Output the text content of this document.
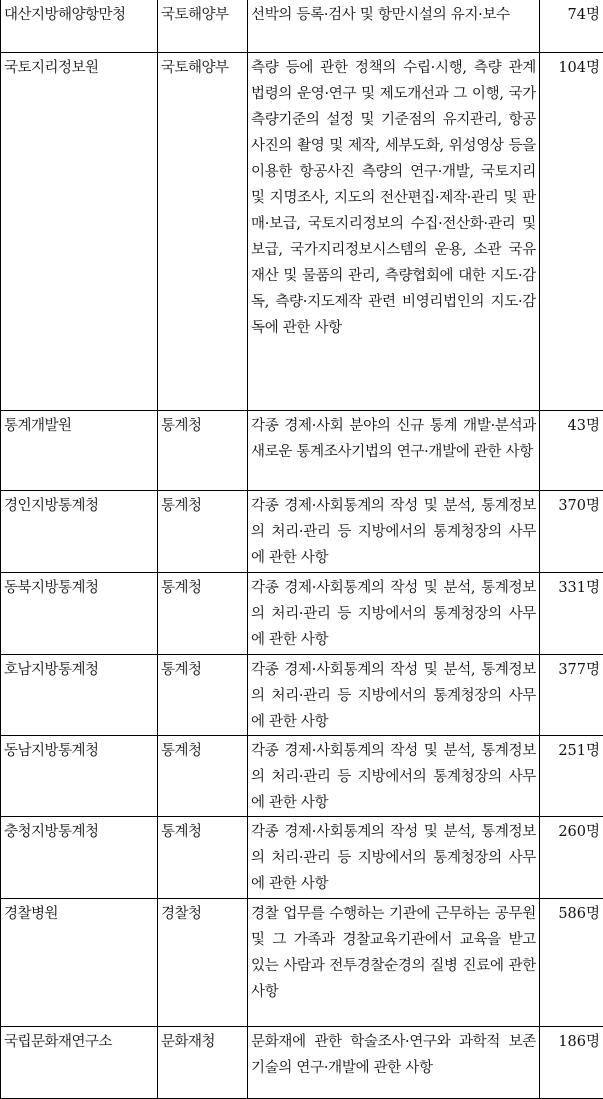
대산지방해양항만청	국토해양부	선박의 등록·검사 및 항만시설의 유지·보수	74명
국토지리정보원	국토해양부	측량 등에 관한 정책의 수립·시행, 측량 관계 법령의 운영·연구 및 제도개선과 그 이행, 국가 측량기준의 설정 및 기준점의 유지관리, 항공사진의 촬영 및 제작, 세부도화, 위성영상 등을 이용한 항공사진 측량의 연구·개발, 국토지리 및 지명조사, 지도의 전산편집·제작·관리 및 판매·보급, 국토지리정보의 수집·전산화·관리 및 보급, 국가지리정보시스템의 운용, 소관 국유재산 및 물품의 관리, 측량협회에 대한 지도·감독, 측량·지도제작 관련 비영리법인의 지도·감독에 관한 사항	104명
통계개발원	통계청	각종 경제·사회 분야의 신규 통계 개발·분석과 새로운 통계조사기법의 연구·개발에 관한 사항	43명
경인지방통계청	통계청	각종 경제·사회통계의 작성 및 분석, 통계정보의 처리·관리 등 지방에서의 통계청장의 사무에 관한 사항	370명
동북지방통계청	통계청	각종 경제·사회통계의 작성 및 분석, 통계정보의 처리·관리 등 지방에서의 통계청장의 사무에 관한 사항	331명
호남지방통계청	통계청	각종 경제·사회통계의 작성 및 분석, 통계정보의 처리·관리 등 지방에서의 통계청장의 사무에 관한 사항	377명
동남지방통계청	통계청	각종 경제·사회통계의 작성 및 분석, 통계정보의 처리·관리 등 지방에서의 통계청장의 사무에 관한 사항	251명
충청지방통계청	통계청	각종 경제·사회통계의 작성 및 분석, 통계정보의 처리·관리 등 지방에서의 통계청장의 사무에 관한 사항	260명
경찰병원	경찰청	경찰 업무를 수행하는 기관에 근무하는 공무원 및 그 가족과 경찰교육기관에서 교육을 받고 있는 사람과 전투경찰순경의 질병 진료에 관한 사항	586명
국립문화재연구소	문화재청	문화재에 관한 학술조사·연구와 과학적 보존 기술의 연구·개발에 관한 사항	186명
